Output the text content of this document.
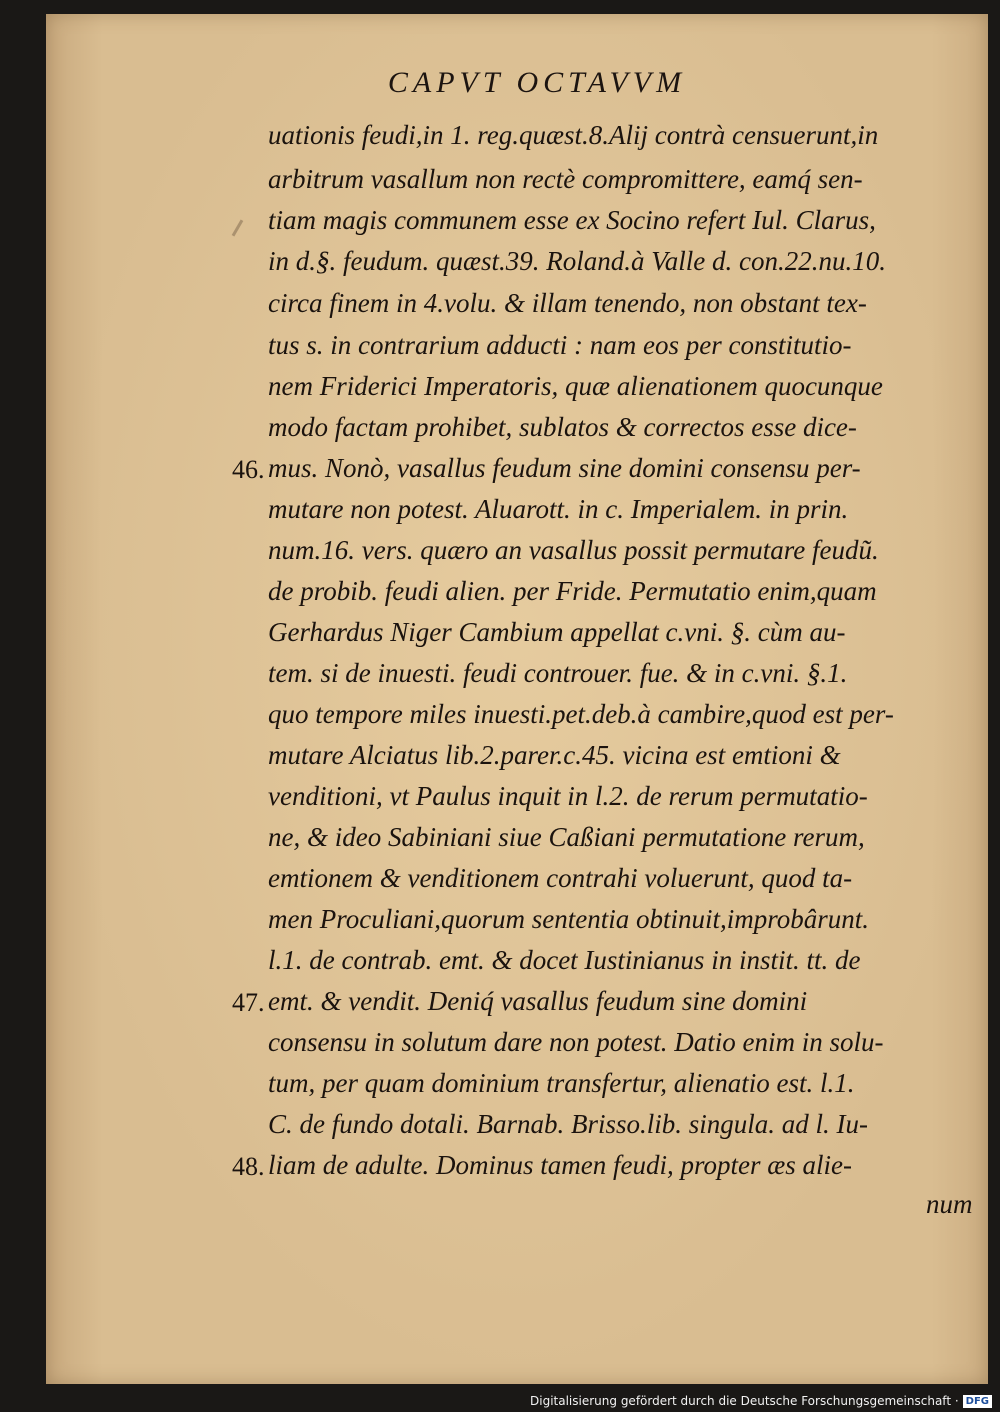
CAPVT OCTAVVM
uationis feudi,in 1. reg.quæst.8.Alij contrà censuerunt,in
arbitrum vasallum non rectè compromittere, eamq́ sen-
tiam magis communem esse ex Socino refert Iul. Clarus,
in d.§. feudum. quæst.39. Roland.à Valle d. con.22.nu.10.
circa finem in 4.volu. & illam tenendo, non obstant tex-
tus s. in contrarium adducti : nam eos per constitutio-
nem Friderici Imperatoris, quæ alienationem quocunque
modo factam prohibet, sublatos & correctos esse dice-
mus. Nonò, vasallus feudum sine domini consensu per-
mutare non potest. Aluarott. in c. Imperialem. in prin.
num.16. vers. quæro an vasallus possit permutare feudũ.
de probib. feudi alien. per Fride. Permutatio enim,quam
Gerhardus Niger Cambium appellat c.vni. §. cùm au-
tem. si de inuesti. feudi controuer. fue. & in c.vni. §.1.
quo tempore miles inuesti.pet.deb.à cambire,quod est per-
mutare Alciatus lib.2.parer.c.45. vicina est emtioni &
venditioni, vt Paulus inquit in l.2. de rerum permutatio-
ne, & ideo Sabiniani siue Caßiani permutatione rerum,
emtionem & venditionem contrahi voluerunt, quod ta-
men Proculiani,quorum sententia obtinuit,improbârunt.
l.1. de contrab. emt. & docet Iustinianus in instit. tt. de
emt. & vendit. Deniq́ vasallus feudum sine domini
consensu in solutum dare non potest. Datio enim in solu-
tum, per quam dominium transfertur, alienatio est. l.1.
C. de fundo dotali. Barnab. Brisso.lib. singula. ad l. Iu-
liam de adulte. Dominus tamen feudi, propter æs alie-
num
46.
47.
48.
Digitalisierung gefördert durch die Deutsche Forschungsgemeinschaft · DFG
